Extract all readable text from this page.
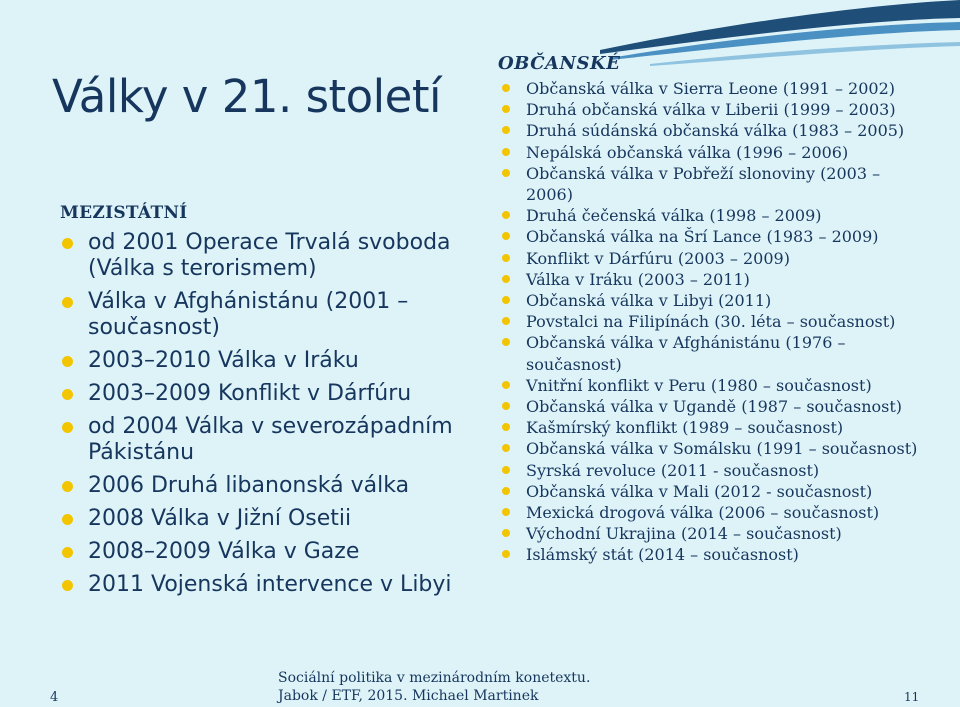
Války v 21. století
MEZISTÁTNÍ
od 2001 Operace Trvalá svoboda (Válka s terorismem)
Válka v Afghánistánu (2001 – současnost)
2003–2010 Válka v Iráku
2003–2009 Konflikt v Dárfúru
od 2004 Válka v severozápadním Pákistánu
2006 Druhá libanonská válka
2008 Válka v Jižní Osetii
2008–2009 Válka v Gaze
2011 Vojenská intervence v Libyi
OBČANSKÉ
Občanská válka v Sierra Leone (1991 – 2002)
Druhá občanská válka v Liberii (1999 – 2003)
Druhá súdánská občanská válka (1983 – 2005)
Nepálská občanská válka (1996 – 2006)
Občanská válka v Pobřeží slonoviny (2003 – 2006)
Druhá čečenská válka (1998 – 2009)
Občanská válka na Šrí Lance (1983 – 2009)
Konflikt v Dárfúru (2003 – 2009)
Válka v Iráku (2003 – 2011)
Občanská válka v Libyi (2011)
Povstalci na Filipínách (30. léta – současnost)
Občanská válka v Afghánistánu (1976 – současnost)
Vnitřní konflikt v Peru (1980 – současnost)
Občanská válka v Ugandě (1987 – současnost)
Kašmírský konflikt (1989 – současnost)
Občanská válka v Somálsku (1991 – současnost)
Syrská revoluce (2011 - současnost)
Občanská válka v Mali (2012 - současnost)
Mexická drogová válka (2006 – současnost)
Východní Ukrajina (2014 – současnost)
Islámský stát (2014 – současnost)
4
Sociální politika v mezinárodním konetextu.
Jabok / ETF, 2015. Michael Martinek	11
